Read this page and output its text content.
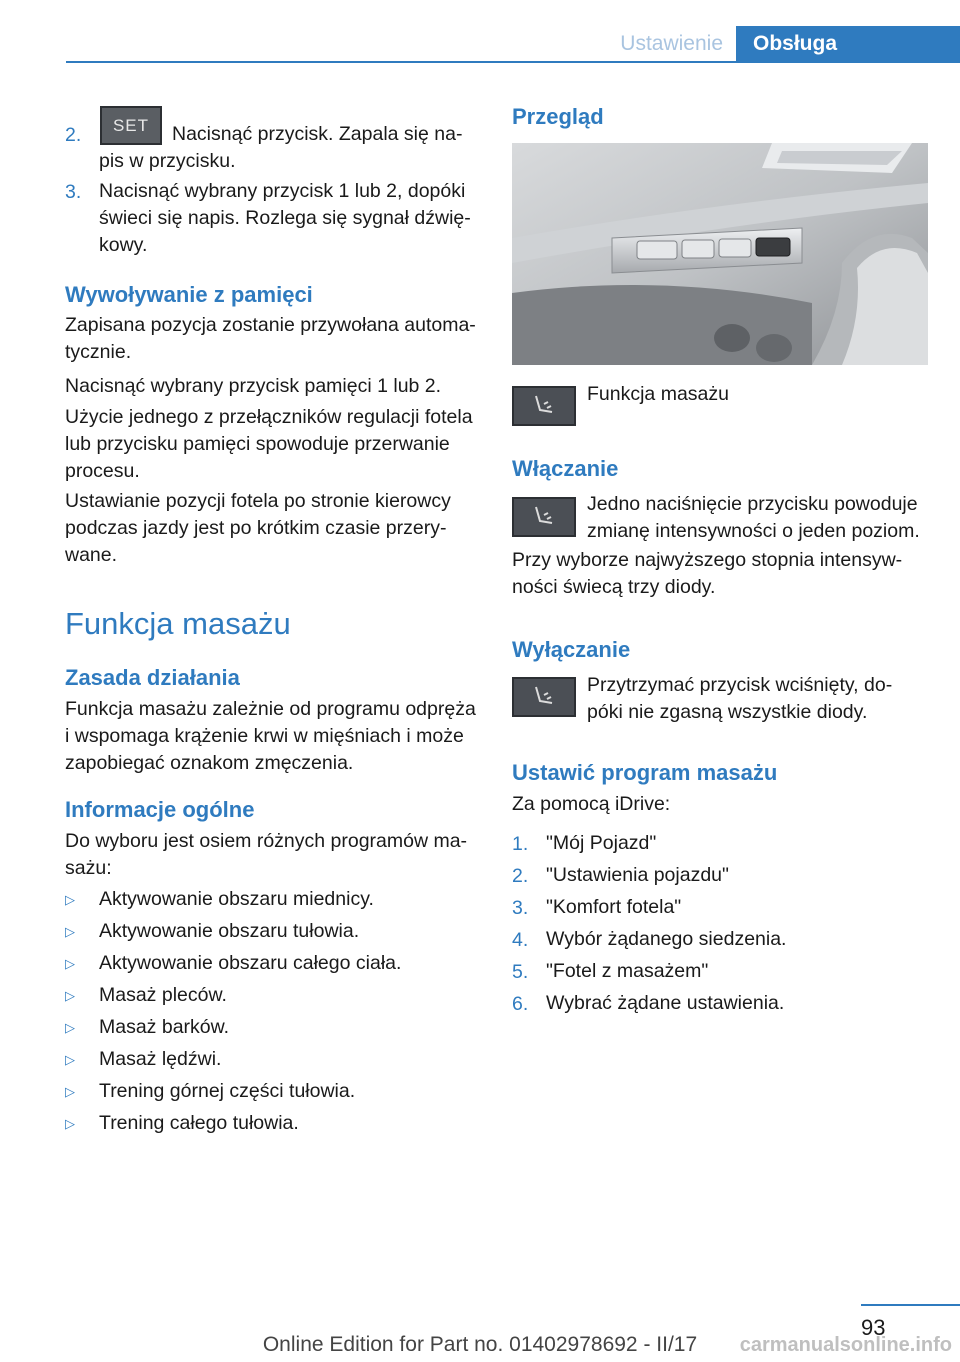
Ustawienie	Obsługa
2.	SET	Nacisnąć przycisk. Zapala się na‐
pis w przycisku.
3. Nacisnąć wybrany przycisk 1 lub 2, dopóki
świeci się napis. Rozlega się sygnał dźwię‐
kowy.
Wywoływanie z pamięci
Zapisana pozycja zostanie przywołana automa‐
tycznie.
Nacisnąć wybrany przycisk pamięci 1 lub 2.
Użycie jednego z przełączników regulacji fotela
lub przycisku pamięci spowoduje przerwanie
procesu.
Ustawianie pozycji fotela po stronie kierowcy
podczas jazdy jest po krótkim czasie przery‐
wane.
Funkcja masażu
Zasada działania
Funkcja masażu zależnie od programu odpręża
i wspomaga krążenie krwi w mięśniach i może
zapobiegać oznakom zmęczenia.
Informacje ogólne
Do wyboru jest osiem różnych programów ma‐
sażu:
▷ Aktywowanie obszaru miednicy.
▷ Aktywowanie obszaru tułowia.
▷ Aktywowanie obszaru całego ciała.
▷ Masaż pleców.
▷ Masaż barków.
▷ Masaż lędźwi.
▷ Trening górnej części tułowia.
▷ Trening całego tułowia.
Przegląd
Funkcja masażu
Włączanie
Jedno naciśnięcie przycisku powoduje
zmianę intensywności o jeden poziom.
Przy wyborze najwyższego stopnia intensyw‐
ności świecą trzy diody.
Wyłączanie
Przytrzymać przycisk wciśnięty, do‐
póki nie zgasną wszystkie diody.
Ustawić program masażu
Za pomocą iDrive:
1. "Mój Pojazd"
2. "Ustawienia pojazdu"
3. "Komfort fotela"
4. Wybór żądanego siedzenia.
5. "Fotel z masażem"
6. Wybrać żądane ustawienia.
93
Online Edition for Part no. 01402978692 - II/17	carmanualsonline.info
